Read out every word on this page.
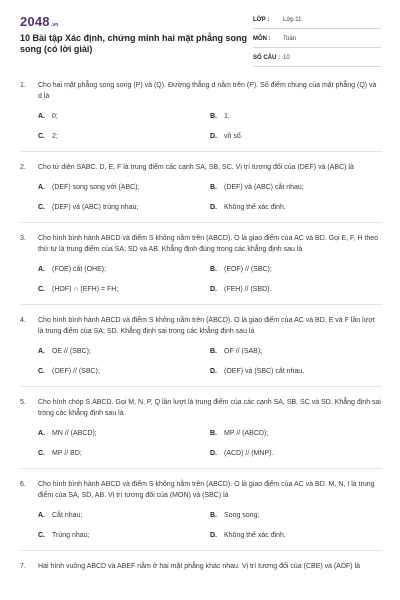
2048.vn
10 Bài tập Xác định, chứng minh hai mặt phẳng song song (có lời giải)
LỚP : Lớp 11
MÔN : Toán
SỐ CÂU : 10
1.	Cho hai mặt phẳng song song (P) và (Q). Đường thẳng d nằm trên (P). Số điểm chung của mặt phẳng (Q) và d là
A.	0;	B.	1;
C.	2;	D.	vô số.
2.	Cho tứ diện SABC. D, E, F là trung điểm các cạnh SA, SB, SC. Vị trí tương đối của (DEF) và (ABC) là
A.	(DEF) song song với (ABC);	B.	(DEF) và (ABC) cắt nhau;
C.	(DEF) và (ABC) trùng nhau;	D.	Không thể xác định.
3.	Cho hình bình hành ABCD và điểm S không nằm trên (ABCD). O là giao điểm của AC và BD. Gọi E, F, H theo thứ tự là trung điểm của SA; SD và AB. Khẳng định đúng trong các khẳng định sau là
A.	(FOE) cắt (OHE);	B.	(EOF) // (SBC);
C.	(HOF) ∩ (EFH) = FH;	D.	(FEH) // (SBD).
4.	Cho hình bình hành ABCD và điểm S không nằm trên (ABCD). O là giao điểm của AC và BD. E và F lần lượt là trung điểm của SA; SD. Khẳng định sai trong các khẳng định sau là
A.	OE // (SBC);	B.	OF // (SAB);
C.	(OEF) // (SBC);	D.	(OEF) và (SBC) cắt nhau.
5.	Cho hình chóp S.ABCD. Gọi M, N, P, Q lần lượt là trung điểm của các cạnh SA, SB, SC và SD. Khẳng định sai trong các khẳng định sau là
A.	MN // (ABCD);	B.	MP // (ABCD);
C.	MP // BD;	D.	(ACD) // (MNP).
6.	Cho hình bình hành ABCD và điểm S không nằm trên (ABCD). O là giao điểm của AC và BD. M, N, I là trung điểm của SA, SD, AB. Vị trí tương đối của (MON) và (SBC) là
A.	Cắt nhau;	B.	Song song;
C.	Trùng nhau;	D.	Không thể xác định.
7.	Hai hình vuông ABCD và ABEF nằm ở hai mặt phẳng khác nhau. Vị trí tương đối của (CBE) và (ADF) là
